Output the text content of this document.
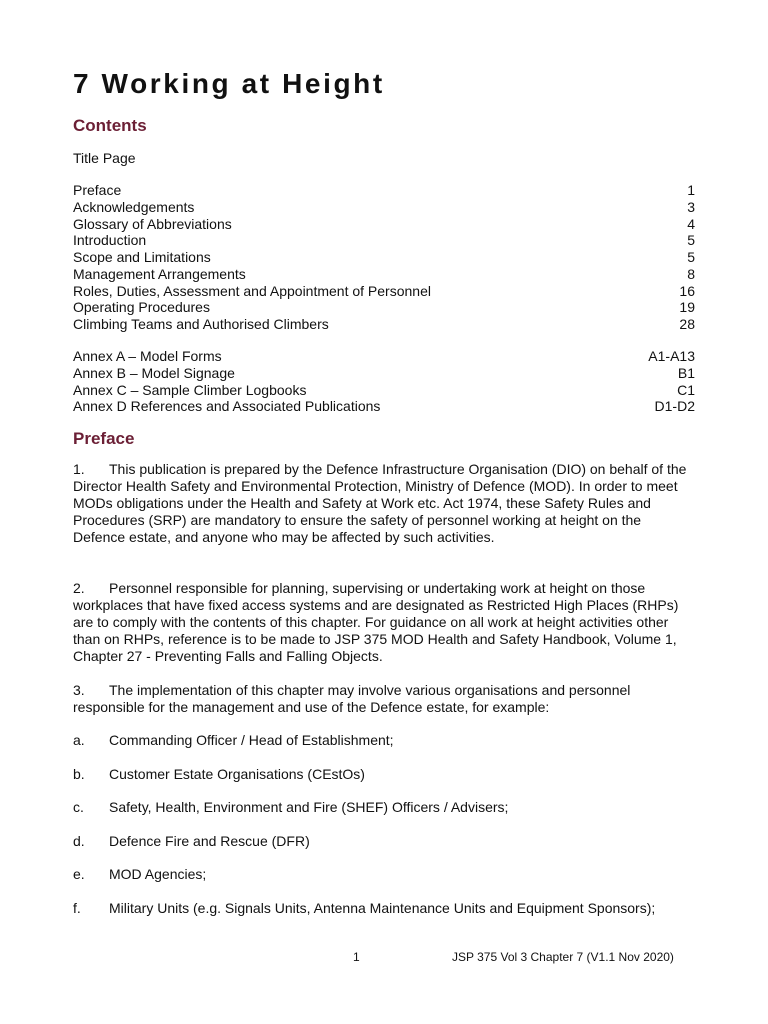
7 Working at Height
Contents
Title Page
Preface	1
Acknowledgements	3
Glossary of Abbreviations	4
Introduction	5
Scope and Limitations	5
Management Arrangements	8
Roles, Duties, Assessment and Appointment of Personnel	16
Operating Procedures	19
Climbing Teams and Authorised Climbers	28
Annex A – Model Forms	A1-A13
Annex B – Model Signage	B1
Annex C – Sample Climber Logbooks	C1
Annex D References and Associated Publications	D1-D2
Preface

1. This publication is prepared by the Defence Infrastructure Organisation (DIO) on behalf of the Director Health Safety and Environmental Protection, Ministry of Defence (MOD). In order to meet MODs obligations under the Health and Safety at Work etc. Act 1974, these Safety Rules and Procedures (SRP) are mandatory to ensure the safety of personnel working at height on the Defence estate, and anyone who may be affected by such activities.

2. Personnel responsible for planning, supervising or undertaking work at height on those workplaces that have fixed access systems and are designated as Restricted High Places (RHPs) are to comply with the contents of this chapter. For guidance on all work at height activities other than on RHPs, reference is to be made to JSP 375 MOD Health and Safety Handbook, Volume 1, Chapter 27 - Preventing Falls and Falling Objects.

3. The implementation of this chapter may involve various organisations and personnel responsible for the management and use of the Defence estate, for example:

a. Commanding Officer / Head of Establishment;

b. Customer Estate Organisations (CEstOs)

c. Safety, Health, Environment and Fire (SHEF) Officers / Advisers;

d. Defence Fire and Rescue (DFR)

e. MOD Agencies;

f. Military Units (e.g. Signals Units, Antenna Maintenance Units and Equipment Sponsors);

1	JSP 375 Vol 3 Chapter 7 (V1.1 Nov 2020)
